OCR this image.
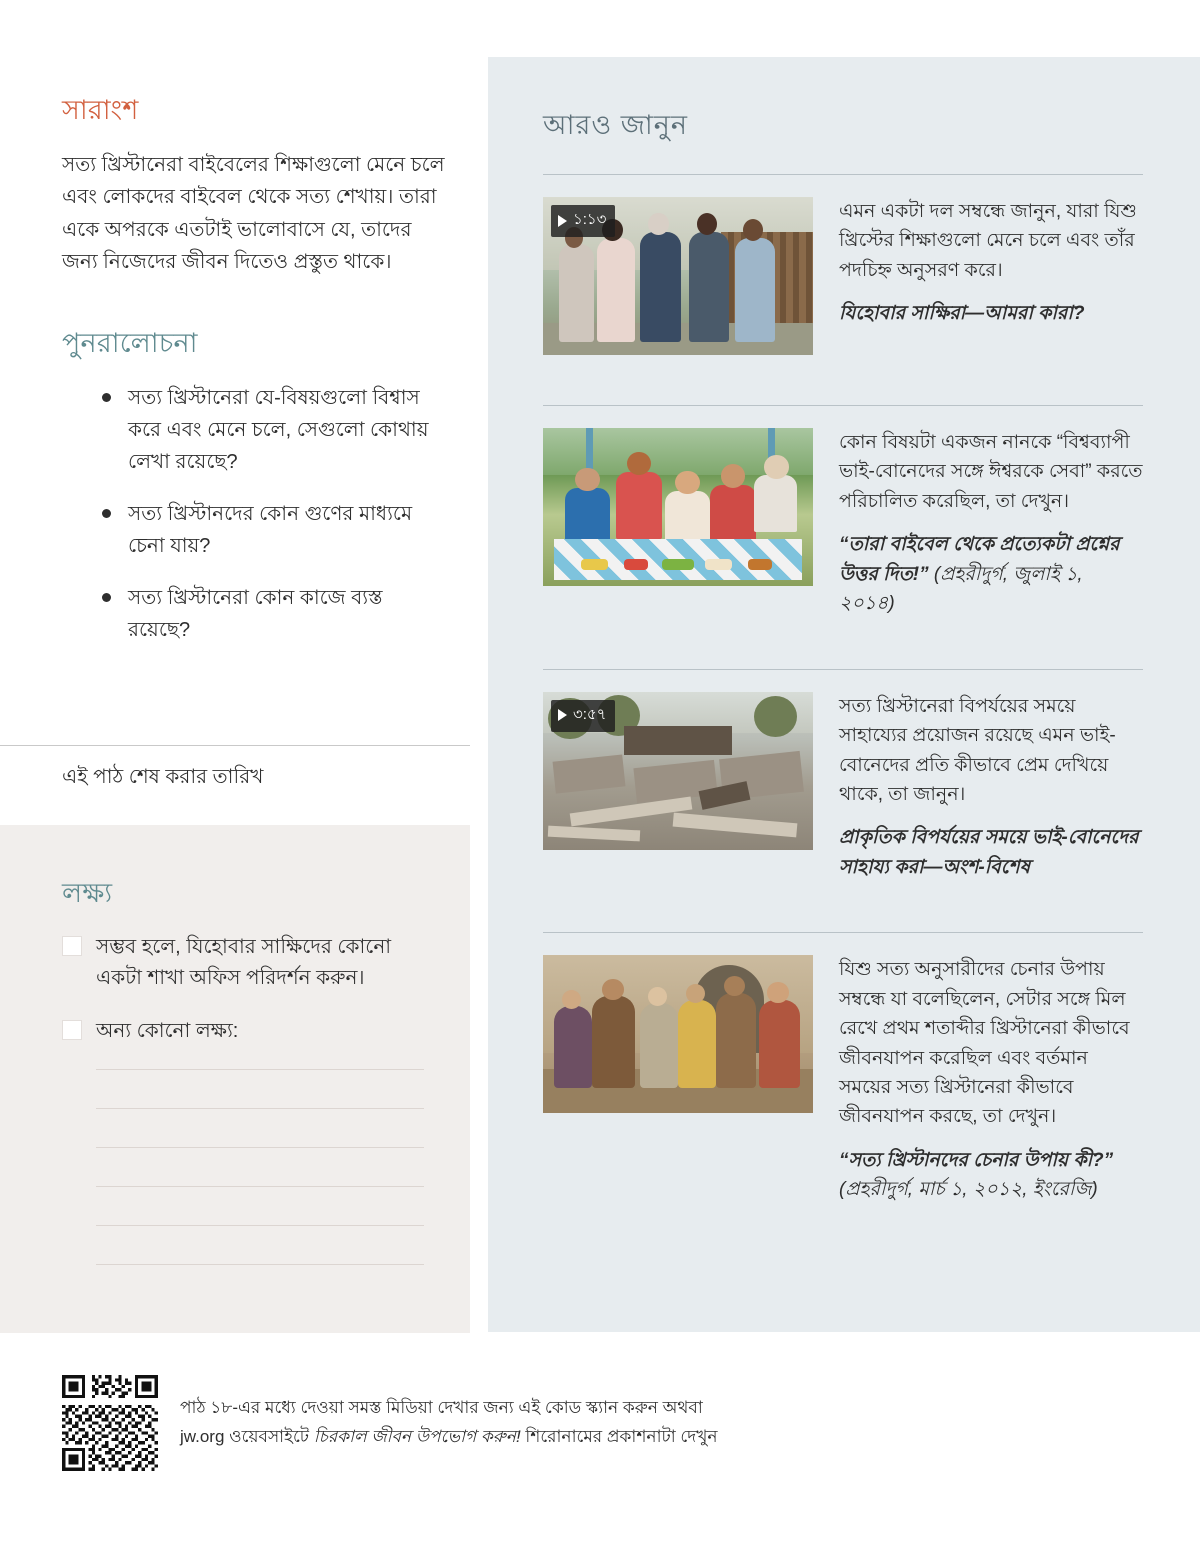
সারাংশ

সত্য খ্রিস্টানেরা বাইবেলের শিক্ষাগুলো মেনে চলে এবং লোকদের বাইবেল থেকে সত্য শেখায়। তারা একে অপরকে এতটাই ভালোবাসে যে, তাদের জন্য নিজেদের জীবন দিতেও প্রস্তুত থাকে।

পুনরালোচনা
সত্য খ্রিস্টানেরা যে-বিষয়গুলো বিশ্বাস করে এবং মেনে চলে, সেগুলো কোথায় লেখা রয়েছে?
সত্য খ্রিস্টানদের কোন গুণের মাধ্যমে চেনা যায়?
সত্য খ্রিস্টানেরা কোন কাজে ব্যস্ত রয়েছে?
এই পাঠ শেষ করার তারিখ
লক্ষ্য
সম্ভব হলে, যিহোবার সাক্ষিদের কোনো একটা শাখা অফিস পরিদর্শন করুন।
অন্য কোনো লক্ষ্য:
আরও জানুন
১:১৩	এমন একটা দল সম্বন্ধে জানুন, যারা যিশু খ্রিস্টের শিক্ষাগুলো মেনে চলে এবং তাঁর পদচিহ্ন অনুসরণ করে।

যিহোবার সাক্ষিরা—আমরা কারা?

কোন বিষয়টা একজন নানকে “বিশ্বব্যাপী ভাই-বোনেদের সঙ্গে ঈশ্বরকে সেবা” করতে পরিচালিত করেছিল, তা দেখুন।

“তারা বাইবেল থেকে প্রত্যেকটা প্রশ্নের উত্তর দিত!” (প্রহরীদুর্গ, জুলাই ১, ২০১৪)

৩:৫৭	সত্য খ্রিস্টানেরা বিপর্যয়ের সময়ে সাহায্যের প্রয়োজন রয়েছে এমন ভাই-বোনেদের প্রতি কীভাবে প্রেম দেখিয়ে থাকে, তা জানুন।

প্রাকৃতিক বিপর্যয়ের সময়ে ভাই-বোনেদের সাহায্য করা—অংশ-বিশেষ

যিশু সত্য অনুসারীদের চেনার উপায় সম্বন্ধে যা বলেছিলেন, সেটার সঙ্গে মিল রেখে প্রথম শতাব্দীর খ্রিস্টানেরা কীভাবে জীবনযাপন করেছিল এবং বর্তমান সময়ের সত্য খ্রিস্টানেরা কীভাবে জীবনযাপন করছে, তা দেখুন।

“সত্য খ্রিস্টানদের চেনার উপায় কী?” (প্রহরীদুর্গ, মার্চ ১, ২০১২, ইংরেজি)

পাঠ ১৮-এর মধ্যে দেওয়া সমস্ত মিডিয়া দেখার জন্য এই কোড স্ক্যান করুন অথবা
jw.org ওয়েবসাইটে চিরকাল জীবন উপভোগ করুন! শিরোনামের প্রকাশনাটা দেখুন
